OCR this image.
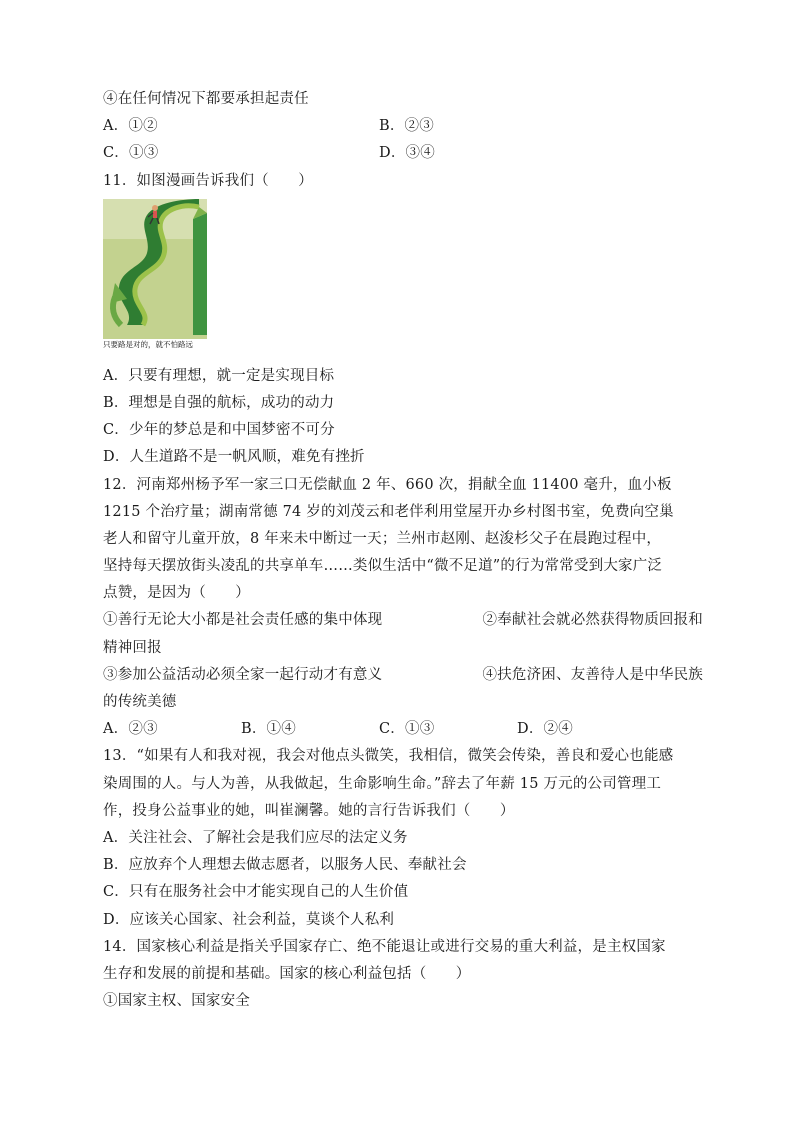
④在任何情况下都要承担起责任
A．①②	B．②③
C．①③	D．③④
11．如图漫画告诉我们（　　）
只要路是对的，就不怕路远
A．只要有理想，就一定是实现目标
B．理想是自强的航标，成功的动力
C．少年的梦总是和中国梦密不可分
D．人生道路不是一帆风顺，难免有挫折
12．河南郑州杨予军一家三口无偿献血 2 年、660 次，捐献全血 11400 毫升，血小板
1215 个治疗量；湖南常德 74 岁的刘茂云和老伴利用堂屋开办乡村图书室，免费向空巢
老人和留守儿童开放，8 年来未中断过一天；兰州市赵刚、赵浚杉父子在晨跑过程中，
坚持每天摆放街头凌乱的共享单车……类似生活中“微不足道”的行为常常受到大家广泛
点赞，是因为（　　）
①善行无论大小都是社会责任感的集中体现	②奉献社会就必然获得物质回报和
精神回报
③参加公益活动必须全家一起行动才有意义	④扶危济困、友善待人是中华民族
的传统美德
A．②③	B．①④	C．①③	D．②④
13．“如果有人和我对视，我会对他点头微笑，我相信，微笑会传染，善良和爱心也能感
染周围的人。与人为善，从我做起，生命影响生命。”辞去了年薪 15 万元的公司管理工
作，投身公益事业的她，叫崔澜馨。她的言行告诉我们（　　）
A．关注社会、了解社会是我们应尽的法定义务
B．应放弃个人理想去做志愿者，以服务人民、奉献社会
C．只有在服务社会中才能实现自己的人生价值
D．应该关心国家、社会利益，莫谈个人私利
14．国家核心利益是指关乎国家存亡、绝不能退让或进行交易的重大利益，是主权国家
生存和发展的前提和基础。国家的核心利益包括（　　）
①国家主权、国家安全
